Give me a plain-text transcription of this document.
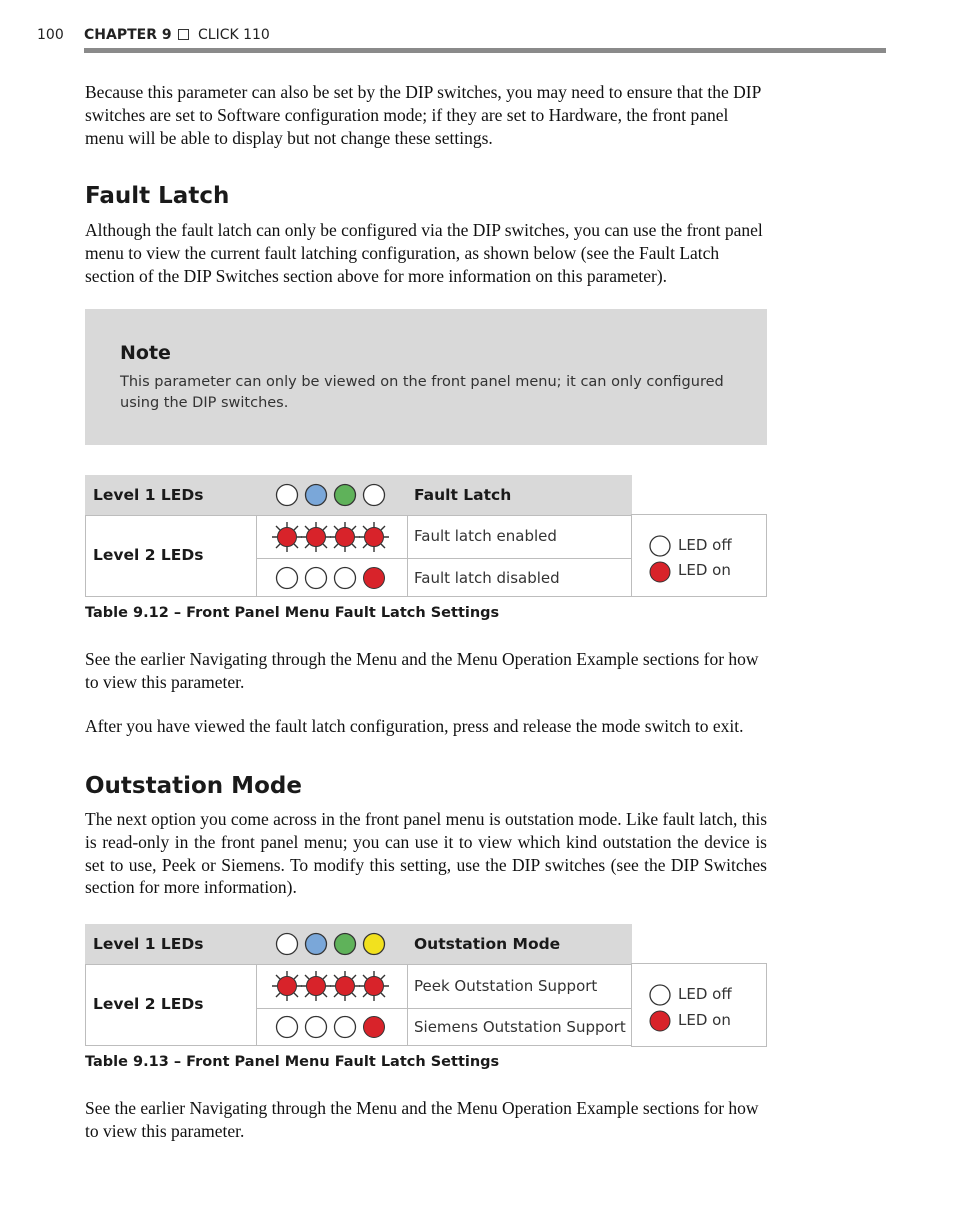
100 CHAPTER 9 CLICK 110
Because this parameter can also be set by the DIP switches, you may need to ensure that the DIP switches are set to Software configuration mode; if they are set to Hardware, the front panel menu will be able to display but not change these settings.
Fault Latch
Although the fault latch can only be configured via the DIP switches, you can use the front panel menu to view the current fault latching configuration, as shown below (see the Fault Latch section of the DIP Switches section above for more information on this parameter).
Note
This parameter can only be viewed on the front panel menu; it can only configured using the DIP switches.
Level 1 LEDs	Fault Latch
Level 2 LEDs
Fault latch enabled
Fault latch disabled
LED off
LED on
Table 9.12 – Front Panel Menu Fault Latch Settings
See the earlier Navigating through the Menu and the Menu Operation Example sections for how to view this parameter.
After you have viewed the fault latch configuration, press and release the mode switch to exit.
Outstation Mode
The next option you come across in the front panel menu is outstation mode. Like fault latch, this is read-only in the front panel menu; you can use it to view which kind outstation the device is set to use, Peek or Siemens. To modify this setting, use the DIP switches (see the DIP Switches section for more information).
Level 1 LEDs	Outstation Mode
Level 2 LEDs
Peek Outstation Support
Siemens Outstation Support
LED off
LED on
Table 9.13 – Front Panel Menu Fault Latch Settings
See the earlier Navigating through the Menu and the Menu Operation Example sections for how to view this parameter.
